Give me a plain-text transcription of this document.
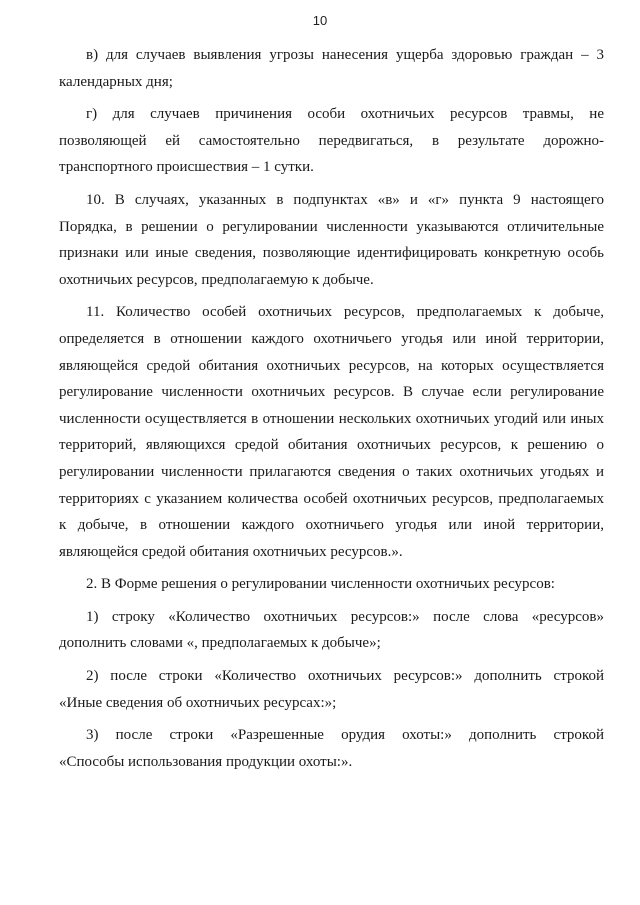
10
в) для случаев выявления угрозы нанесения ущерба здоровью граждан – 3
календарных дня;
г) для случаев причинения особи охотничьих ресурсов травмы, не
позволяющей ей самостоятельно передвигаться, в результате дорожно-
транспортного происшествия – 1 сутки.
10. В случаях, указанных в подпунктах «в» и «г» пункта 9 настоящего
Порядка, в решении о регулировании численности указываются отличительные
признаки или иные сведения, позволяющие идентифицировать конкретную особь
охотничьих ресурсов, предполагаемую к добыче.
11. Количество особей охотничьих ресурсов, предполагаемых к добыче,
определяется в отношении каждого охотничьего угодья или иной территории,
являющейся средой обитания охотничьих ресурсов, на которых осуществляется
регулирование численности охотничьих ресурсов. В случае если регулирование
численности осуществляется в отношении нескольких охотничьих угодий или иных
территорий, являющихся средой обитания охотничьих ресурсов, к решению о
регулировании численности прилагаются сведения о таких охотничьих угодьях и
территориях с указанием количества особей охотничьих ресурсов, предполагаемых
к добыче, в отношении каждого охотничьего угодья или иной территории,
являющейся средой обитания охотничьих ресурсов.».
2. В Форме решения о регулировании численности охотничьих ресурсов:
1) строку «Количество охотничьих ресурсов:» после слова «ресурсов»
дополнить словами «, предполагаемых к добыче»;
2) после строки «Количество охотничьих ресурсов:» дополнить строкой
«Иные сведения об охотничьих ресурсах:»;
3) после строки «Разрешенные орудия охоты:» дополнить строкой
«Способы использования продукции охоты:».
